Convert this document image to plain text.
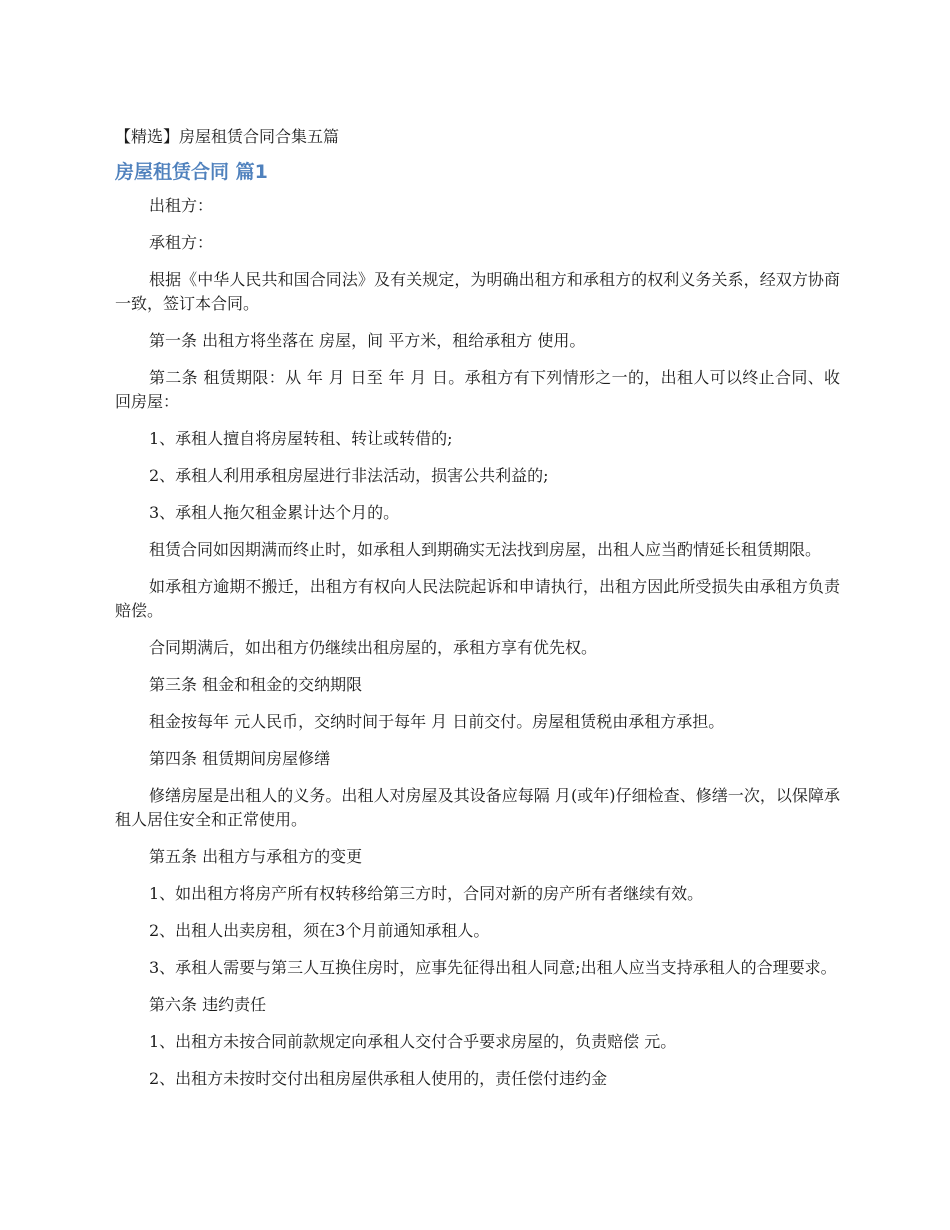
【精选】房屋租赁合同合集五篇
房屋租赁合同 篇1

出租方：

承租方：

根据《中华人民共和国合同法》及有关规定，为明确出租方和承租方的权利义务关系，经双方协商一致，签订本合同。

第一条 出租方将坐落在 房屋，间 平方米，租给承租方 使用。

第二条 租赁期限：从 年 月 日至 年 月 日。承租方有下列情形之一的，出租人可以终止合同、收回房屋：

1、承租人擅自将房屋转租、转让或转借的;

2、承租人利用承租房屋进行非法活动，损害公共利益的;

3、承租人拖欠租金累计达个月的。

租赁合同如因期满而终止时，如承租人到期确实无法找到房屋，出租人应当酌情延长租赁期限。

如承租方逾期不搬迁，出租方有权向人民法院起诉和申请执行，出租方因此所受损失由承租方负责赔偿。

合同期满后，如出租方仍继续出租房屋的，承租方享有优先权。

第三条 租金和租金的交纳期限

租金按每年 元人民币，交纳时间于每年 月 日前交付。房屋租赁税由承租方承担。

第四条 租赁期间房屋修缮

修缮房屋是出租人的义务。出租人对房屋及其设备应每隔 月(或年)仔细检查、修缮一次，以保障承租人居住安全和正常使用。

第五条 出租方与承租方的变更

1、如出租方将房产所有权转移给第三方时，合同对新的房产所有者继续有效。

2、出租人出卖房租，须在3个月前通知承租人。

3、承租人需要与第三人互换住房时，应事先征得出租人同意;出租人应当支持承租人的合理要求。

第六条 违约责任

1、出租方未按合同前款规定向承租人交付合乎要求房屋的，负责赔偿 元。

2、出租方未按时交付出租房屋供承租人使用的，责任偿付违约金
